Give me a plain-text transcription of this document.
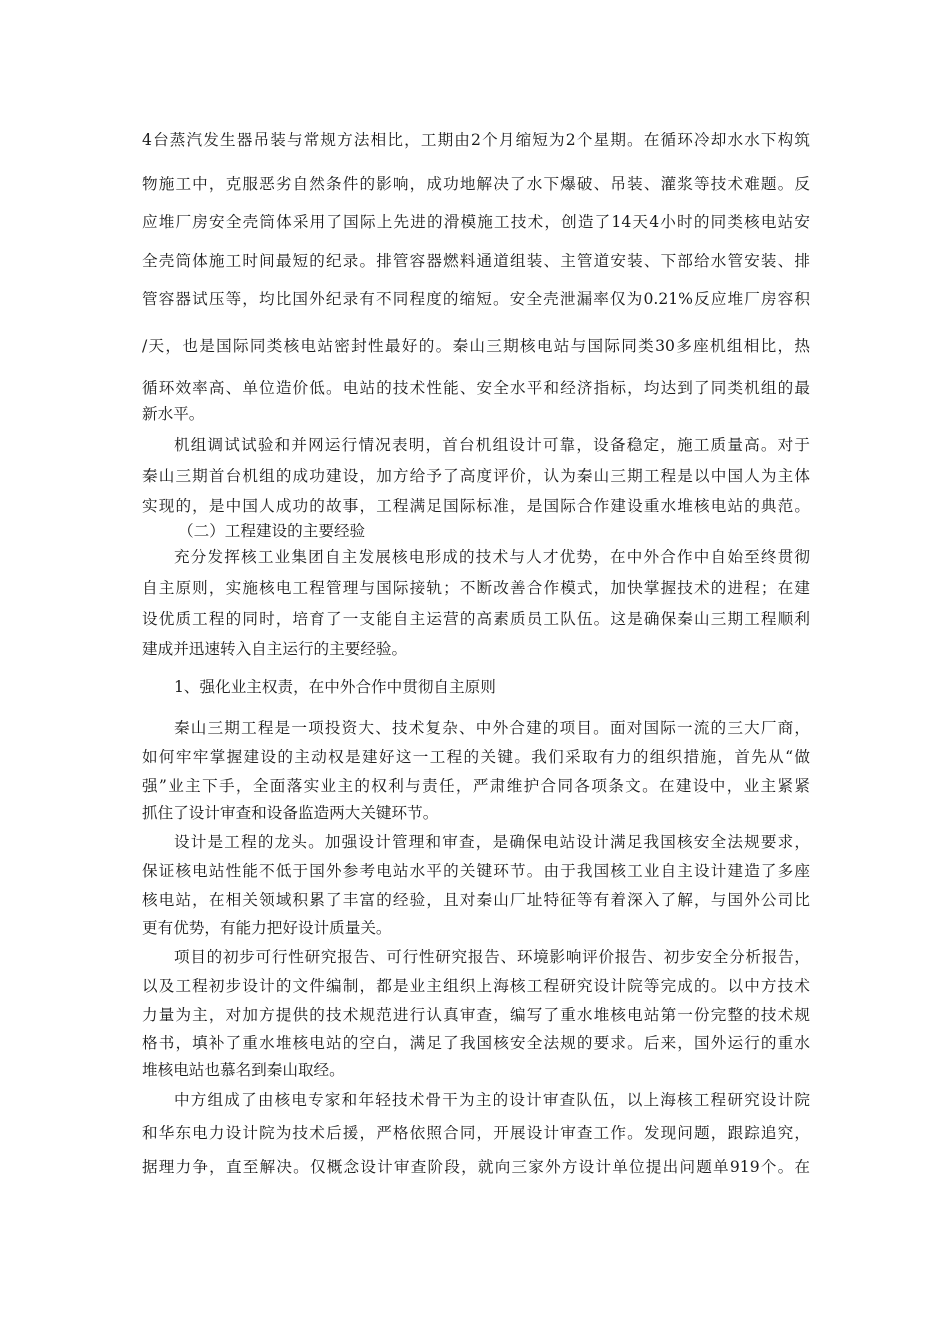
4台蒸汽发生器吊装与常规方法相比，工期由2个月缩短为2个星期。在循环冷却水水下构筑
物施工中，克服恶劣自然条件的影响，成功地解决了水下爆破、吊装、灌浆等技术难题。反
应堆厂房安全壳筒体采用了国际上先进的滑模施工技术，创造了14天4小时的同类核电站安
全壳筒体施工时间最短的纪录。排管容器燃料通道组装、主管道安装、下部给水管安装、排
管容器试压等，均比国外纪录有不同程度的缩短。安全壳泄漏率仅为0.21%反应堆厂房容积
/天，也是国际同类核电站密封性最好的。秦山三期核电站与国际同类30多座机组相比，热
循环效率高、单位造价低。电站的技术性能、安全水平和经济指标，均达到了同类机组的最
新水平。
机组调试试验和并网运行情况表明，首台机组设计可靠，设备稳定，施工质量高。对于
秦山三期首台机组的成功建设，加方给予了高度评价，认为秦山三期工程是以中国人为主体
实现的，是中国人成功的故事，工程满足国际标准，是国际合作建设重水堆核电站的典范。
（二）工程建设的主要经验
充分发挥核工业集团自主发展核电形成的技术与人才优势，在中外合作中自始至终贯彻
自主原则，实施核电工程管理与国际接轨；不断改善合作模式，加快掌握技术的进程；在建
设优质工程的同时，培育了一支能自主运营的高素质员工队伍。这是确保秦山三期工程顺利
建成并迅速转入自主运行的主要经验。
1、强化业主权责，在中外合作中贯彻自主原则
秦山三期工程是一项投资大、技术复杂、中外合建的项目。面对国际一流的三大厂商，
如何牢牢掌握建设的主动权是建好这一工程的关键。我们采取有力的组织措施，首先从“做
强”业主下手，全面落实业主的权利与责任，严肃维护合同各项条文。在建设中，业主紧紧
抓住了设计审查和设备监造两大关键环节。
设计是工程的龙头。加强设计管理和审查，是确保电站设计满足我国核安全法规要求，
保证核电站性能不低于国外参考电站水平的关键环节。由于我国核工业自主设计建造了多座
核电站，在相关领域积累了丰富的经验，且对秦山厂址特征等有着深入了解，与国外公司比
更有优势，有能力把好设计质量关。
项目的初步可行性研究报告、可行性研究报告、环境影响评价报告、初步安全分析报告，
以及工程初步设计的文件编制，都是业主组织上海核工程研究设计院等完成的。以中方技术
力量为主，对加方提供的技术规范进行认真审查，编写了重水堆核电站第一份完整的技术规
格书，填补了重水堆核电站的空白，满足了我国核安全法规的要求。后来，国外运行的重水
堆核电站也慕名到秦山取经。
中方组成了由核电专家和年轻技术骨干为主的设计审查队伍，以上海核工程研究设计院
和华东电力设计院为技术后援，严格依照合同，开展设计审查工作。发现问题，跟踪追究，
据理力争，直至解决。仅概念设计审查阶段，就向三家外方设计单位提出问题单919个。在
